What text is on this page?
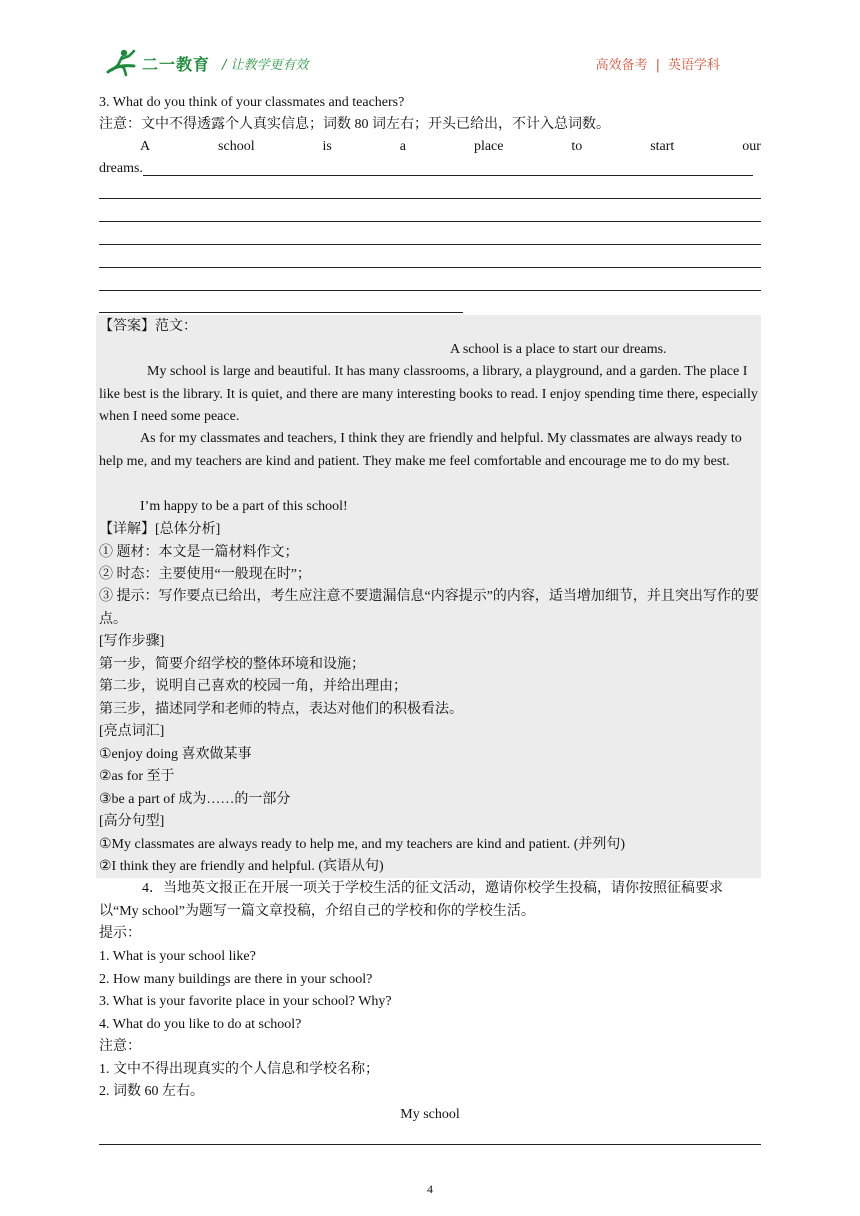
二一教育 / 让教学更有效	高效备考 | 英语学科
3. What do you think of your classmates and teachers?
注意：文中不得透露个人真实信息；词数 80 词左右；开头已给出，不计入总词数。
A	school	is	a	place	to	start	our
dreams.
【答案】范文：
A school is a place to start our dreams.
My school is large and beautiful. It has many classrooms, a library, a playground, and a garden. The place I like best is the library. It is quiet, and there are many interesting books to read. I enjoy spending time there, especially when I need some peace.
As for my classmates and teachers, I think they are friendly and helpful. My classmates are always ready to help me, and my teachers are kind and patient. They make me feel comfortable and encourage me to do my best.
I’m happy to be a part of this school!
【详解】[总体分析]
① 题材：本文是一篇材料作文；
② 时态：主要使用“一般现在时”；
③ 提示：写作要点已给出，考生应注意不要遗漏信息“内容提示”的内容，适当增加细节，并且突出写作的要点。
[写作步骤]
第一步，简要介绍学校的整体环境和设施；
第二步，说明自己喜欢的校园一角，并给出理由；
第三步，描述同学和老师的特点，表达对他们的积极看法。
[亮点词汇]
①enjoy doing 喜欢做某事
②as for 至于
③be a part of 成为……的一部分
[高分句型]
①My classmates are always ready to help me, and my teachers are kind and patient. (并列句)
②I think they are friendly and helpful. (宾语从句)
4．当地英文报正在开展一项关于学校生活的征文活动，邀请你校学生投稿，请你按照征稿要求以“My school”为题写一篇文章投稿，介绍自己的学校和你的学校生活。
提示：
1. What is your school like?
2. How many buildings are there in your school?
3. What is your favorite place in your school? Why?
4. What do you like to do at school?
注意：
1. 文中不得出现真实的个人信息和学校名称；
2. 词数 60 左右。
My school
4
